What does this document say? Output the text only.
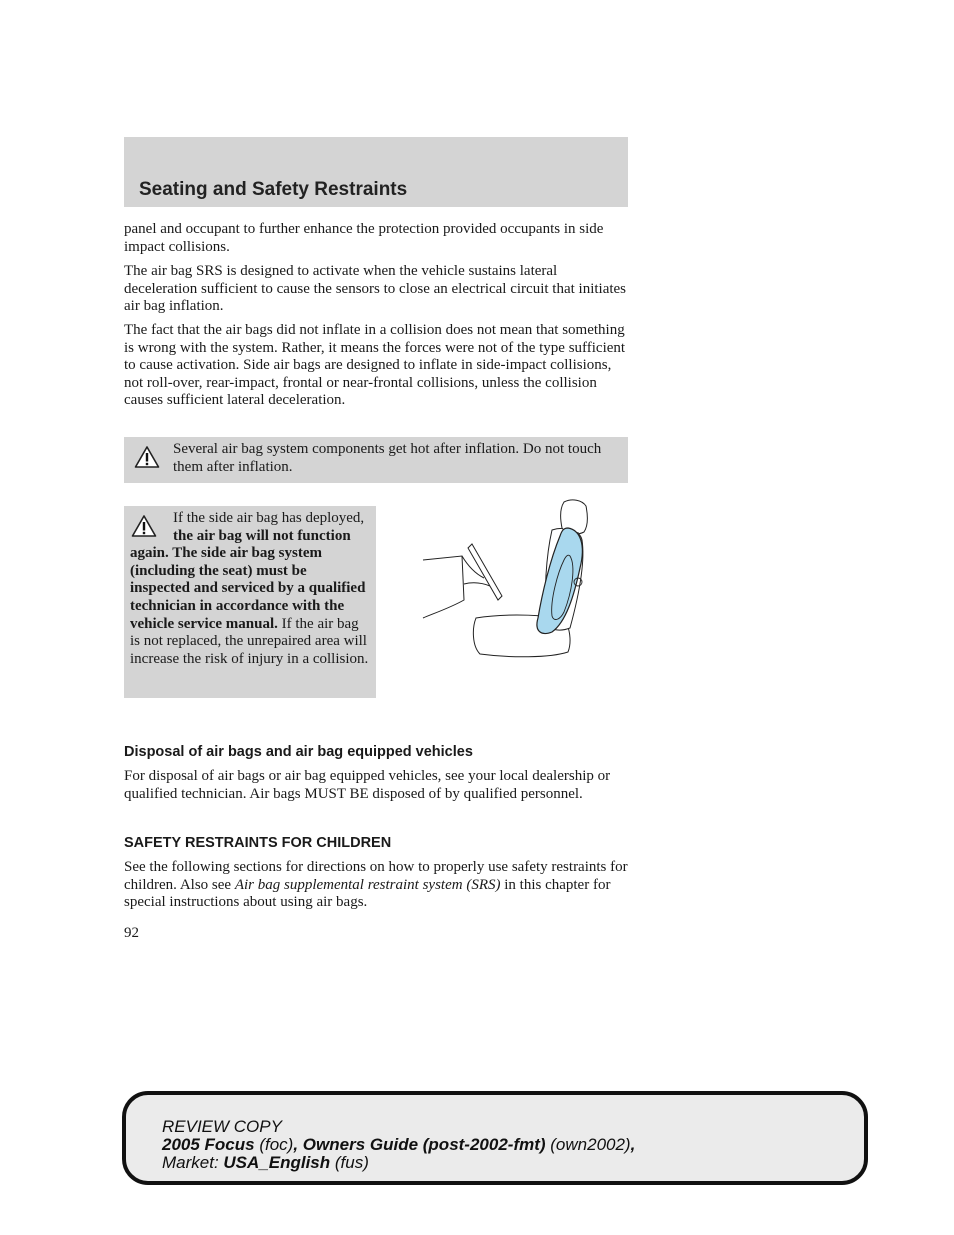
Seating and Safety Restraints

panel and occupant to further enhance the protection provided occupants in side impact collisions.

The air bag SRS is designed to activate when the vehicle sustains lateral deceleration sufficient to cause the sensors to close an electrical circuit that initiates air bag inflation.

The fact that the air bags did not inflate in a collision does not mean that something is wrong with the system. Rather, it means the forces were not of the type sufficient to cause activation. Side air bags are designed to inflate in side-impact collisions, not roll-over, rear-impact, frontal or near-frontal collisions, unless the collision causes sufficient lateral deceleration.

Several air bag system components get hot after inflation. Do not touch them after inflation.

If the side air bag has deployed, the air bag will not function again. The side air bag system (including the seat) must be inspected and serviced by a qualified technician in accordance with the vehicle service manual. If the air bag is not replaced, the unrepaired area will increase the risk of injury in a collision.

Disposal of air bags and air bag equipped vehicles

For disposal of air bags or air bag equipped vehicles, see your local dealership or qualified technician. Air bags MUST BE disposed of by qualified personnel.

SAFETY RESTRAINTS FOR CHILDREN

See the following sections for directions on how to properly use safety restraints for children. Also see Air bag supplemental restraint system (SRS) in this chapter for special instructions about using air bags.

92

REVIEW COPY
2005 Focus (foc), Owners Guide (post-2002-fmt) (own2002),
Market: USA_English (fus)
